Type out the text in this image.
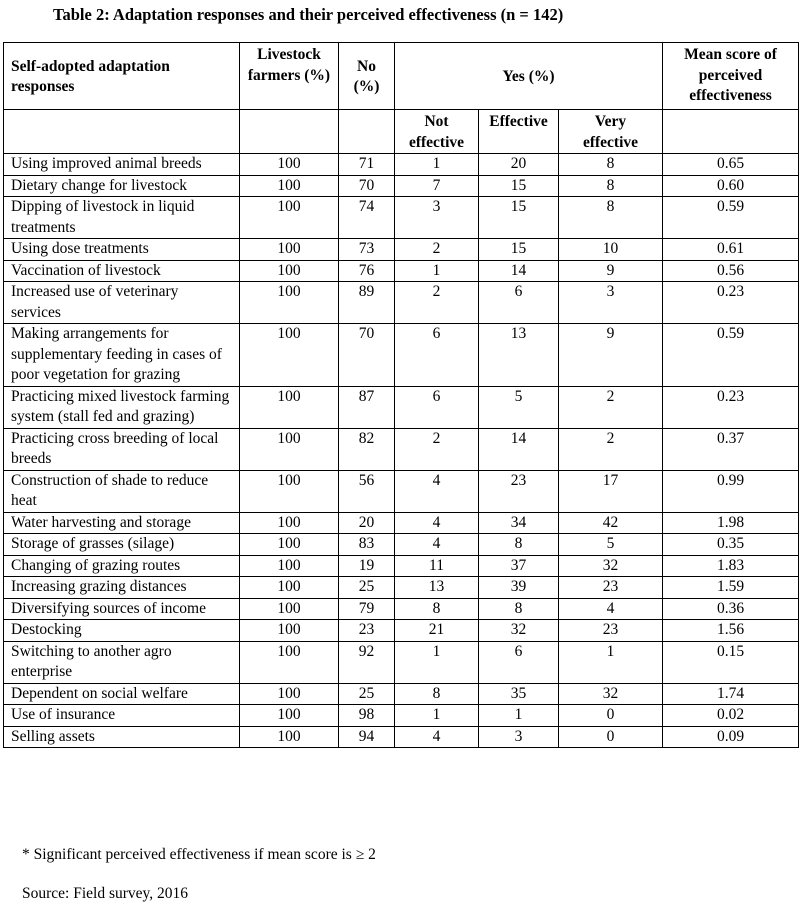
Table 2: Adaptation responses and their perceived effectiveness (n = 142)
Self-adopted adaptation responses	Livestock farmers (%)	No (%)	Yes (%)			Mean score of perceived effectiveness
			Not effective	Effective	Very effective	
Using improved animal breeds	100	71	1	20	8	0.65
Dietary change for livestock	100	70	7	15	8	0.60
Dipping of livestock in liquid treatments	100	74	3	15	8	0.59
Using dose treatments	100	73	2	15	10	0.61
Vaccination of livestock	100	76	1	14	9	0.56
Increased use of veterinary services	100	89	2	6	3	0.23
Making arrangements for supplementary feeding in cases of poor vegetation for grazing	100	70	6	13	9	0.59
Practicing mixed livestock farming system (stall fed and grazing)	100	87	6	5	2	0.23
Practicing cross breeding of local breeds	100	82	2	14	2	0.37
Construction of shade to reduce heat	100	56	4	23	17	0.99
Water harvesting and storage	100	20	4	34	42	1.98
Storage of grasses (silage)	100	83	4	8	5	0.35
Changing of grazing routes	100	19	11	37	32	1.83
Increasing grazing distances	100	25	13	39	23	1.59
Diversifying sources of income	100	79	8	8	4	0.36
Destocking	100	23	21	32	23	1.56
Switching to another agro enterprise	100	92	1	6	1	0.15
Dependent on social welfare	100	25	8	35	32	1.74
Use of insurance	100	98	1	1	0	0.02
Selling assets	100	94	4	3	0	0.09
* Significant perceived effectiveness if mean score is ≥ 2
Source: Field survey, 2016
